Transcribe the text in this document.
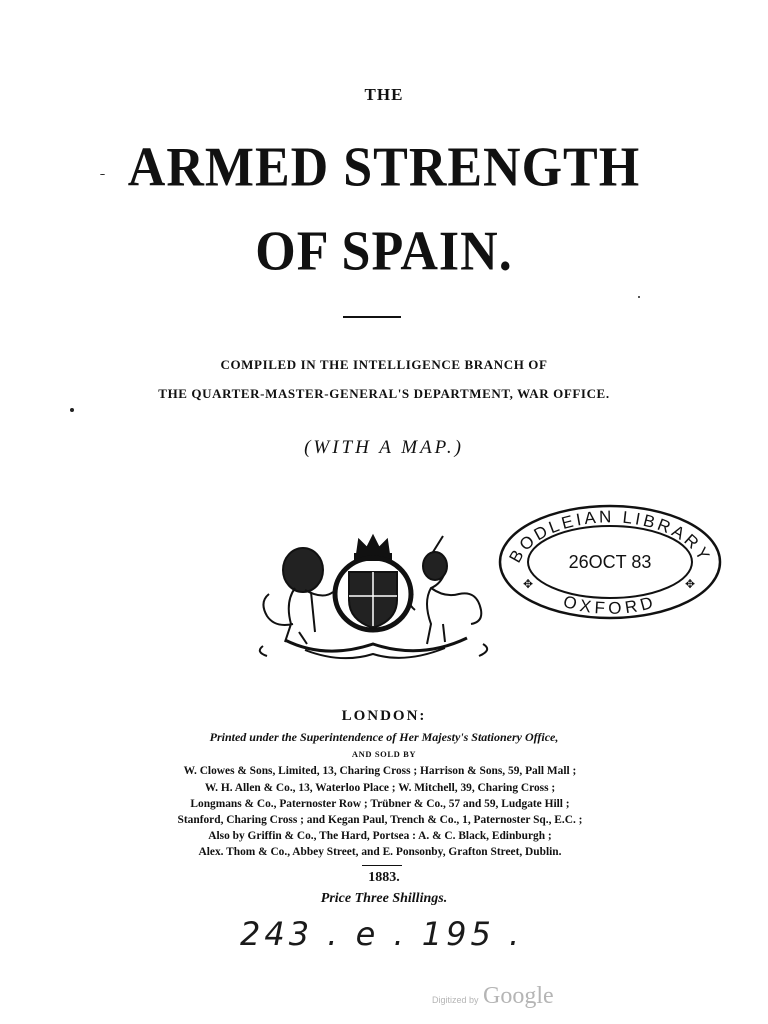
THE
ARMED STRENGTH
OF SPAIN.
COMPILED IN THE INTELLIGENCE BRANCH OF
THE QUARTER-MASTER-GENERAL'S DEPARTMENT, WAR OFFICE.
(WITH A MAP.)
BODLEIAN LIBRARY
OXFORD
26OCT 83
✥	✥
LONDON:
Printed under the Superintendence of Her Majesty's Stationery Office,
AND SOLD BY
W. Clowes & Sons, Limited, 13, Charing Cross ; Harrison & Sons, 59, Pall Mall ;
W. H. Allen & Co., 13, Waterloo Place ; W. Mitchell, 39, Charing Cross ;
Longmans & Co., Paternoster Row ; Trübner & Co., 57 and 59, Ludgate Hill ;
Stanford, Charing Cross ; and Kegan Paul, Trench & Co., 1, Paternoster Sq., E.C. ;
Also by Griffin & Co., The Hard, Portsea : A. & C. Black, Edinburgh ;
Alex. Thom & Co., Abbey Street, and E. Ponsonby, Grafton Street, Dublin.
1883.
Price Three Shillings.
243 . e . 195 .
Digitized by Google
